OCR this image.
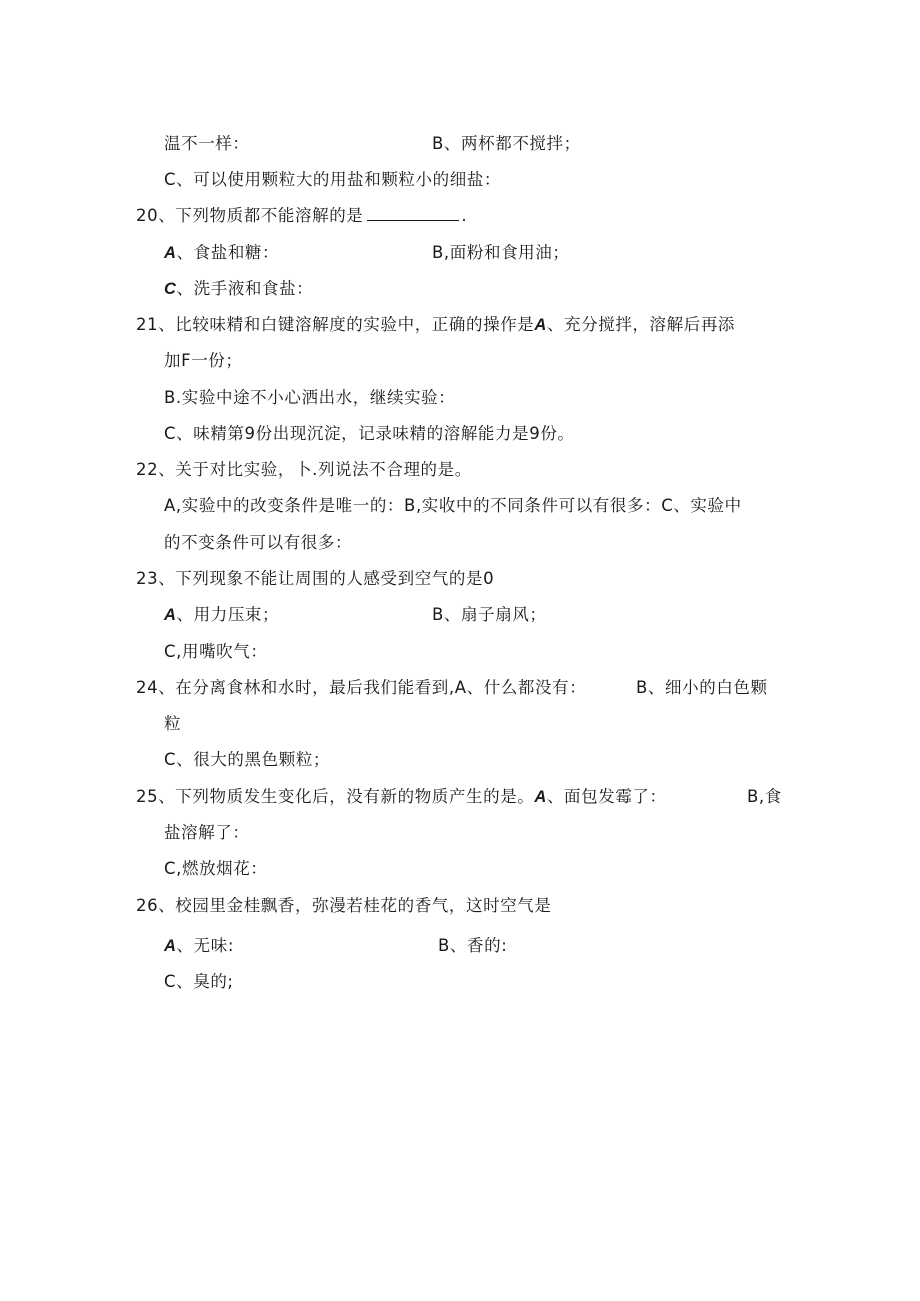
温不一样：	B、两杯都不搅拌；
C、可以使用颗粒大的用盐和颗粒小的细盐：
20、下列物质都不能溶解的是	.
A、食盐和糖：	B,面粉和食用油；
C、洗手液和食盐：
21、比较味精和白键溶解度的实验中，正确的操作是A、充分搅拌，溶解后再添
加F一份；
B.实验中途不小心洒出水，继续实验：
C、味精第9份出现沉淀，记录味精的溶解能力是9份。
22、关于对比实验，卜.列说法不合理的是。
A,实验中的改变条件是唯一的：B,实收中的不同条件可以有很多：C、实验中
的不变条件可以有很多：
23、下列现象不能让周围的人感受到空气的是0
A、用力压束；	B、扇子扇风；
C,用嘴吹气：
24、在分离食林和水时，最后我们能看到,A、什么都没有：	B、细小的白色颗
粒
C、很大的黑色颗粒；
25、下列物质发生变化后，没有新的物质产生的是。A、面包发霉了：	B,食
盐溶解了：
C,燃放烟花：
26、校园里金桂飘香，弥漫若桂花的香气，这时空气是
A、无味:	B、香的:
C、臭的;
